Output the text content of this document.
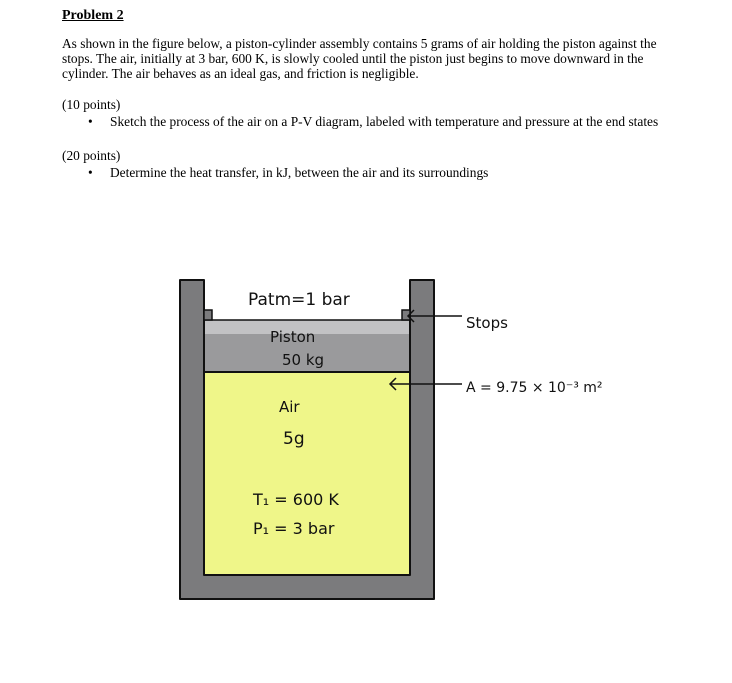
Problem 2

As shown in the figure below, a piston-cylinder assembly contains 5 grams of air holding the piston against the stops. The air, initially at 3 bar, 600 K, is slowly cooled until the piston just begins to move downward in the cylinder. The air behaves as an ideal gas, and friction is negligible.

(10 points)

• Sketch the process of the air on a P-V diagram, labeled with temperature and pressure at the end states

(20 points)

• Determine the heat transfer, in kJ, between the air and its surroundings
Patm=1 bar
Piston
50 kg
Stops
A = 9.75 × 10⁻³ m²
Air
5g
T₁ = 600 K
P₁ = 3 bar
